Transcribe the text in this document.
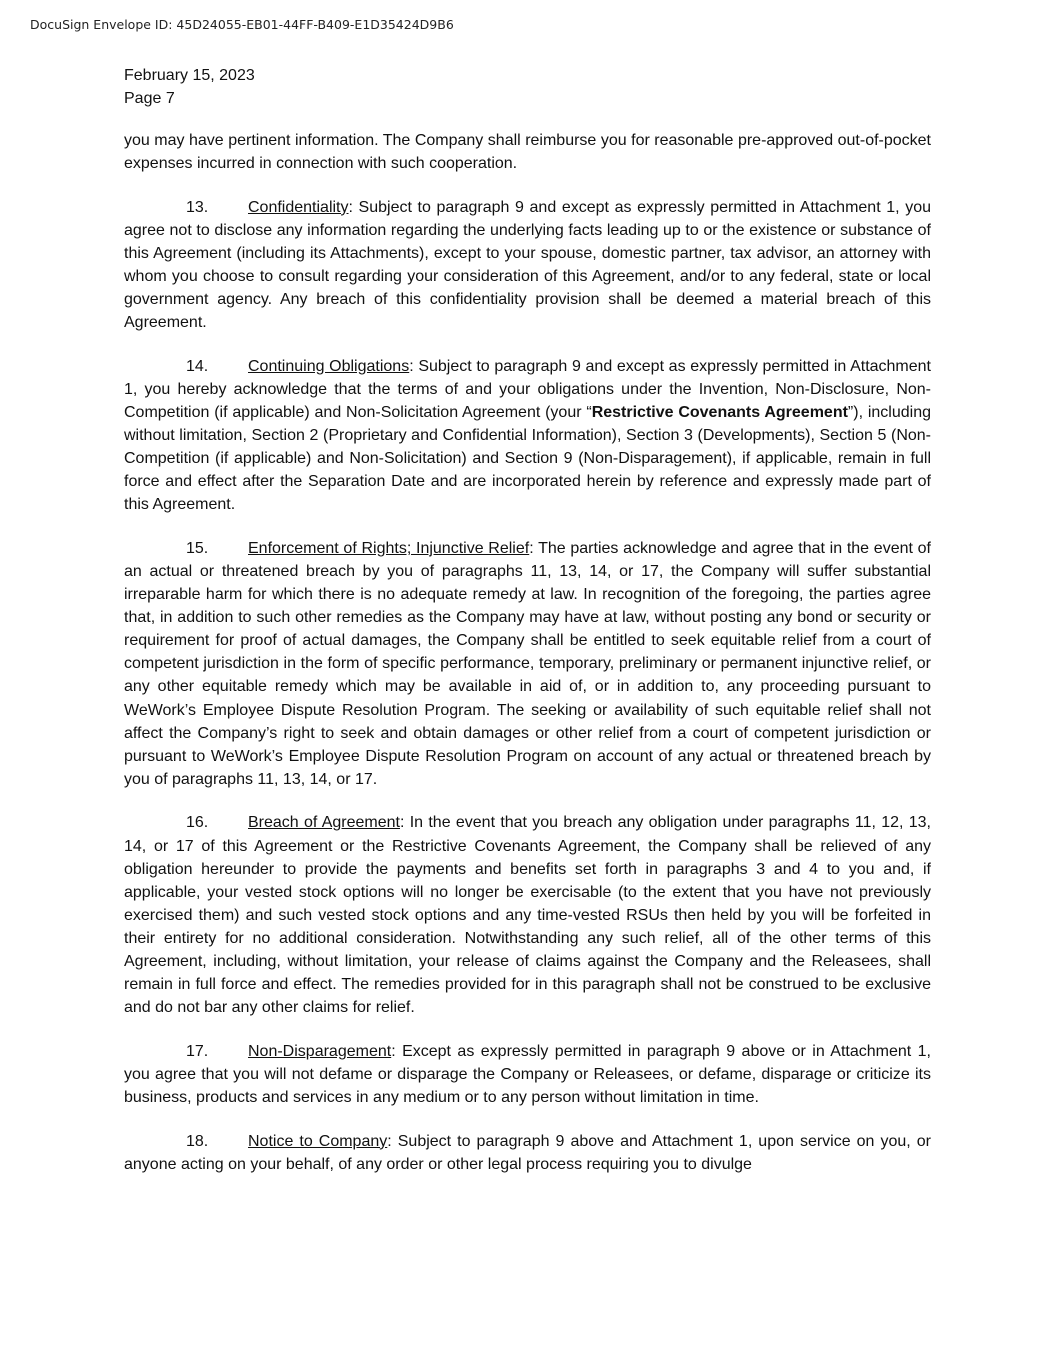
DocuSign Envelope ID: 45D24055-EB01-44FF-B409-E1D35424D9B6
February 15, 2023
Page 7

you may have pertinent information. The Company shall reimburse you for reasonable pre-approved out-of-pocket expenses incurred in connection with such cooperation.

13. Confidentiality: Subject to paragraph 9 and except as expressly permitted in Attachment 1, you agree not to disclose any information regarding the underlying facts leading up to or the existence or substance of this Agreement (including its Attachments), except to your spouse, domestic partner, tax advisor, an attorney with whom you choose to consult regarding your consideration of this Agreement, and/or to any federal, state or local government agency. Any breach of this confidentiality provision shall be deemed a material breach of this Agreement.

14. Continuing Obligations: Subject to paragraph 9 and except as expressly permitted in Attachment 1, you hereby acknowledge that the terms of and your obligations under the Invention, Non-Disclosure, Non-Competition (if applicable) and Non-Solicitation Agreement (your “Restrictive Covenants Agreement”), including without limitation, Section 2 (Proprietary and Confidential Information), Section 3 (Developments), Section 5 (Non-Competition (if applicable) and Non-Solicitation) and Section 9 (Non-Disparagement), if applicable, remain in full force and effect after the Separation Date and are incorporated herein by reference and expressly made part of this Agreement.

15. Enforcement of Rights; Injunctive Relief: The parties acknowledge and agree that in the event of an actual or threatened breach by you of paragraphs 11, 13, 14, or 17, the Company will suffer substantial irreparable harm for which there is no adequate remedy at law. In recognition of the foregoing, the parties agree that, in addition to such other remedies as the Company may have at law, without posting any bond or security or requirement for proof of actual damages, the Company shall be entitled to seek equitable relief from a court of competent jurisdiction in the form of specific performance, temporary, preliminary or permanent injunctive relief, or any other equitable remedy which may be available in aid of, or in addition to, any proceeding pursuant to WeWork’s Employee Dispute Resolution Program. The seeking or availability of such equitable relief shall not affect the Company’s right to seek and obtain damages or other relief from a court of competent jurisdiction or pursuant to WeWork’s Employee Dispute Resolution Program on account of any actual or threatened breach by you of paragraphs 11, 13, 14, or 17.

16. Breach of Agreement: In the event that you breach any obligation under paragraphs 11, 12, 13, 14, or 17 of this Agreement or the Restrictive Covenants Agreement, the Company shall be relieved of any obligation hereunder to provide the payments and benefits set forth in paragraphs 3 and 4 to you and, if applicable, your vested stock options will no longer be exercisable (to the extent that you have not previously exercised them) and such vested stock options and any time-vested RSUs then held by you will be forfeited in their entirety for no additional consideration. Notwithstanding any such relief, all of the other terms of this Agreement, including, without limitation, your release of claims against the Company and the Releasees, shall remain in full force and effect. The remedies provided for in this paragraph shall not be construed to be exclusive and do not bar any other claims for relief.

17. Non-Disparagement: Except as expressly permitted in paragraph 9 above or in Attachment 1, you agree that you will not defame or disparage the Company or Releasees, or defame, disparage or criticize its business, products and services in any medium or to any person without limitation in time.

18. Notice to Company: Subject to paragraph 9 above and Attachment 1, upon service on you, or anyone acting on your behalf, of any order or other legal process requiring you to divulge
